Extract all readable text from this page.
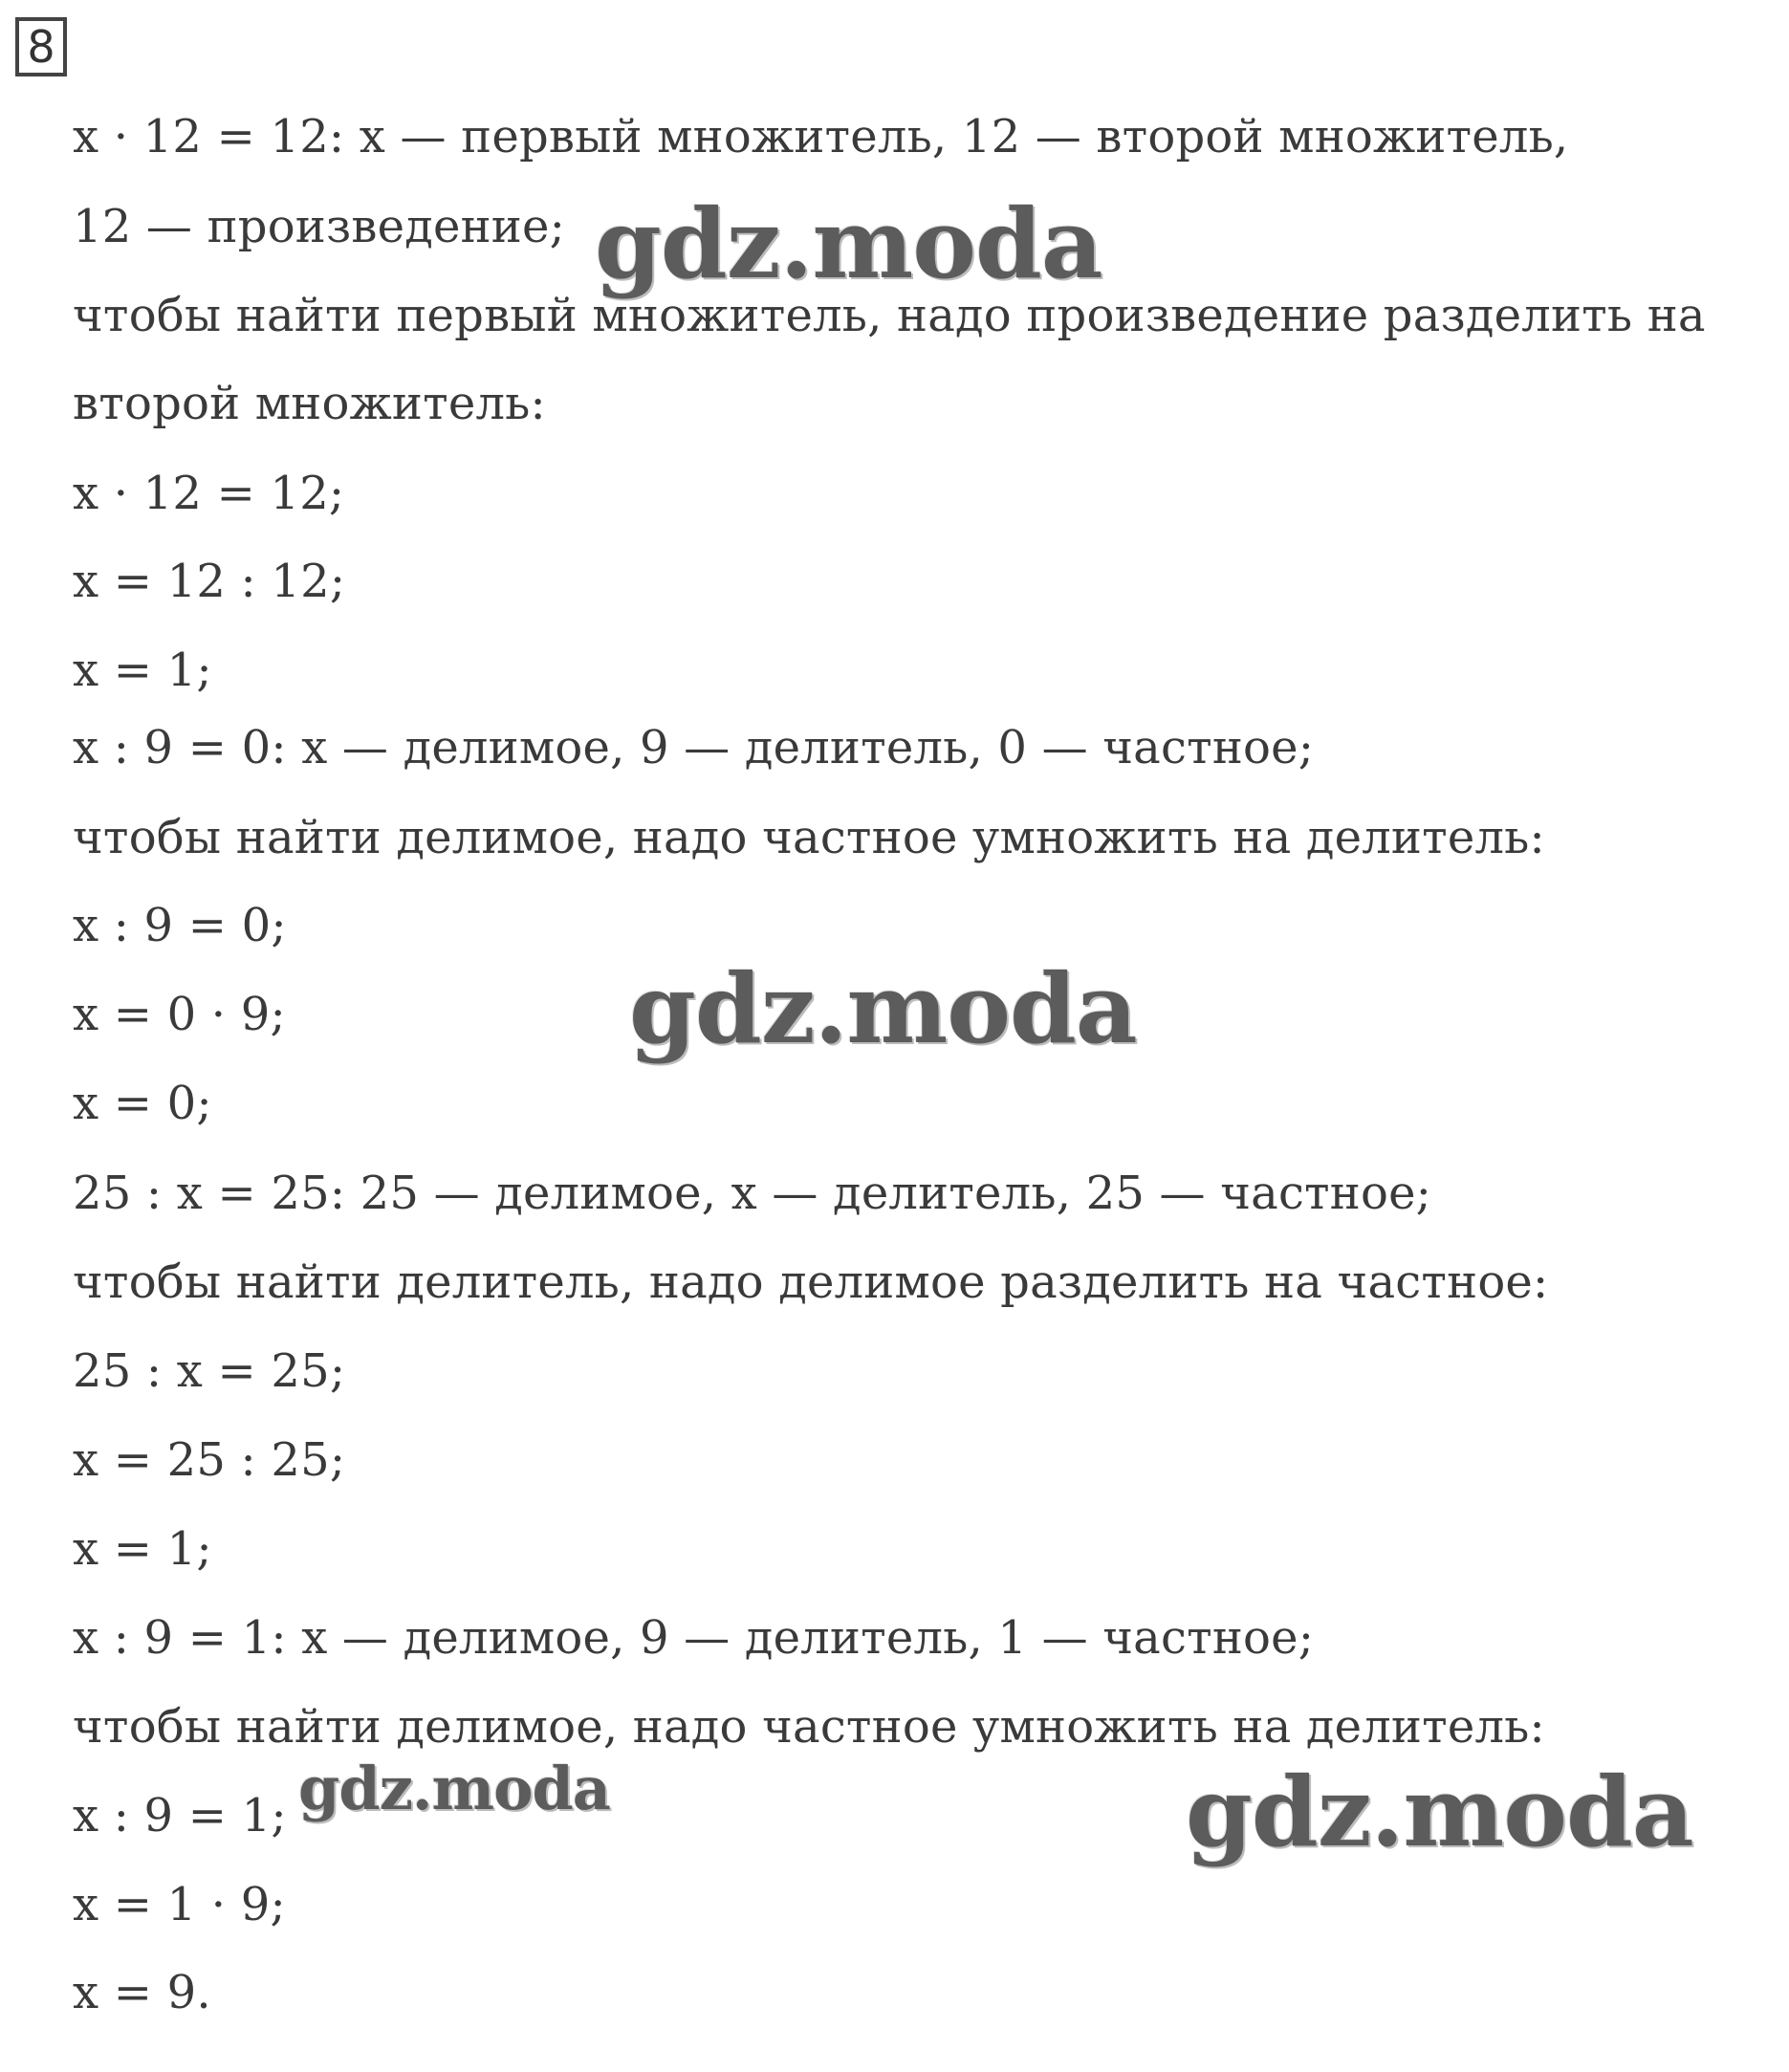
8
x · 12 = 12: x — первый множитель, 12 — второй множитель,
12 — произведение;
чтобы найти первый множитель, надо произведение разделить на
второй множитель:
x · 12 = 12;
x = 12 : 12;
x = 1;
x : 9 = 0: x — делимое, 9 — делитель, 0 — частное;
чтобы найти делимое, надо частное умножить на делитель:
x : 9 = 0;
x = 0 · 9;
x = 0;
25 : x = 25: 25 — делимое, x — делитель, 25 — частное;
чтобы найти делитель, надо делимое разделить на частное:
25 : x = 25;
x = 25 : 25;
x = 1;
x : 9 = 1: x — делимое, 9 — делитель, 1 — частное;
чтобы найти делимое, надо частное умножить на делитель:
x : 9 = 1;
x = 1 · 9;
x = 9.
gdz.moda
gdz.moda
gdz.moda	gdz.moda
